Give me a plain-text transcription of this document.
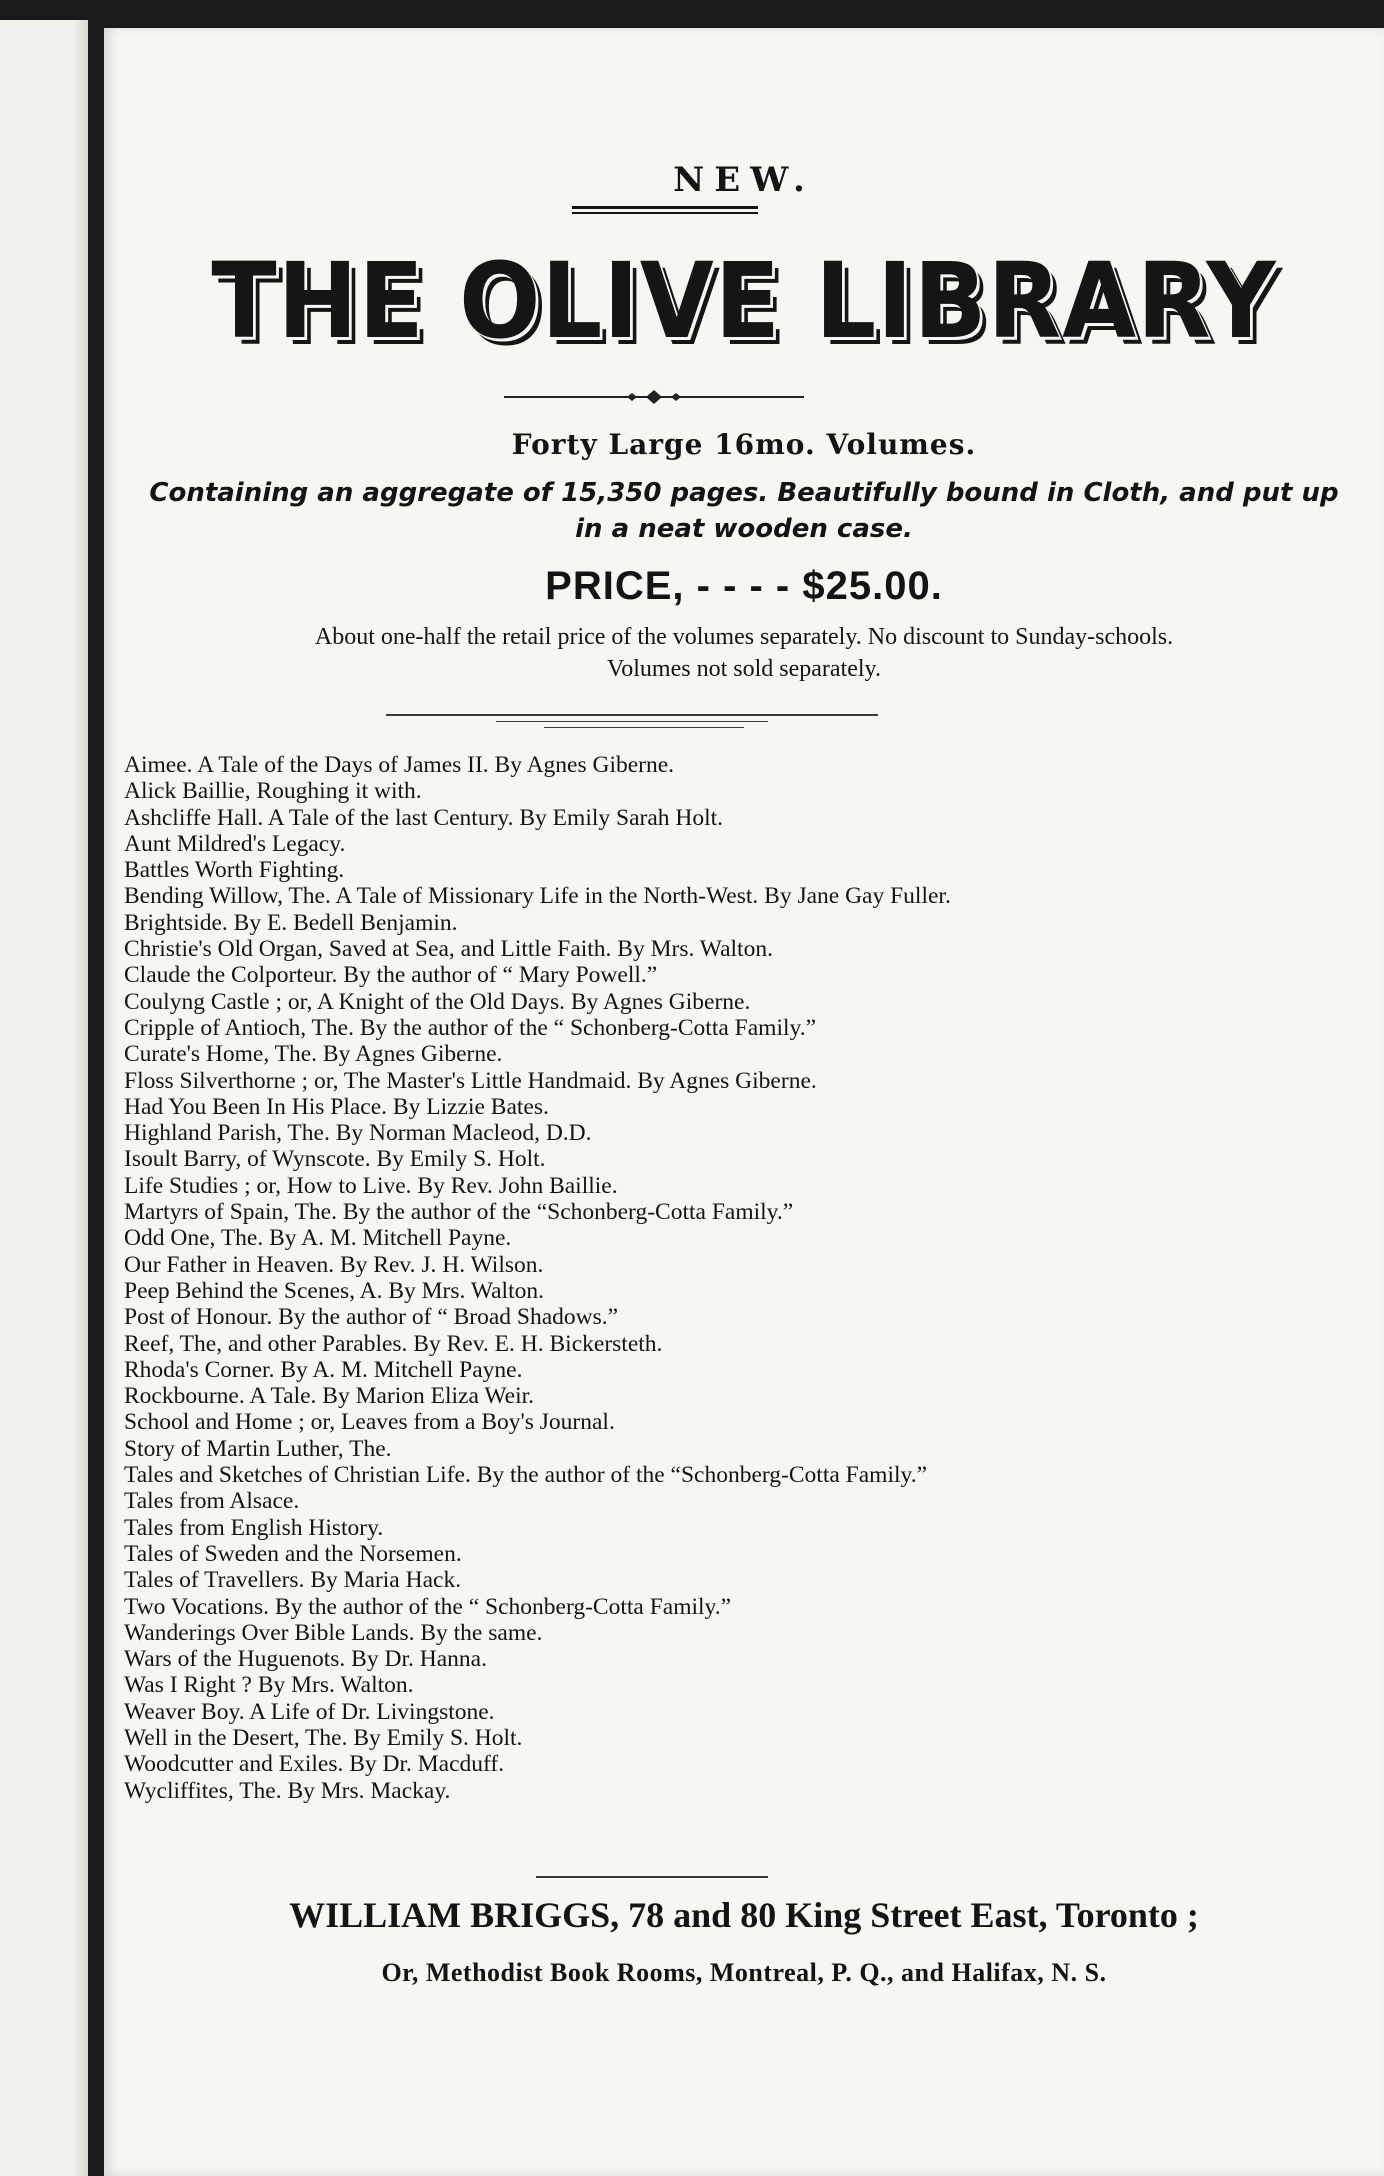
NEW.
THE OLIVE LIBRARY
Forty Large 16mo. Volumes.
Containing an aggregate of 15,350 pages. Beautifully bound in Cloth, and put up
in a neat wooden case.
PRICE, - - - - $25.00.
About one-half the retail price of the volumes separately. No discount to Sunday-schools.
Volumes not sold separately.
Aimee. A Tale of the Days of James II. By Agnes Giberne.
Alick Baillie, Roughing it with.
Ashcliffe Hall. A Tale of the last Century. By Emily Sarah Holt.
Aunt Mildred's Legacy.
Battles Worth Fighting.
Bending Willow, The. A Tale of Missionary Life in the North-West. By Jane Gay Fuller.
Brightside. By E. Bedell Benjamin.
Christie's Old Organ, Saved at Sea, and Little Faith. By Mrs. Walton.
Claude the Colporteur. By the author of “ Mary Powell.”
Coulyng Castle ; or, A Knight of the Old Days. By Agnes Giberne.
Cripple of Antioch, The. By the author of the “ Schonberg-Cotta Family.”
Curate's Home, The. By Agnes Giberne.
Floss Silverthorne ; or, The Master's Little Handmaid. By Agnes Giberne.
Had You Been In His Place. By Lizzie Bates.
Highland Parish, The. By Norman Macleod, D.D.
Isoult Barry, of Wynscote. By Emily S. Holt.
Life Studies ; or, How to Live. By Rev. John Baillie.
Martyrs of Spain, The. By the author of the “Schonberg-Cotta Family.”
Odd One, The. By A. M. Mitchell Payne.
Our Father in Heaven. By Rev. J. H. Wilson.
Peep Behind the Scenes, A. By Mrs. Walton.
Post of Honour. By the author of “ Broad Shadows.”
Reef, The, and other Parables. By Rev. E. H. Bickersteth.
Rhoda's Corner. By A. M. Mitchell Payne.
Rockbourne. A Tale. By Marion Eliza Weir.
School and Home ; or, Leaves from a Boy's Journal.
Story of Martin Luther, The.
Tales and Sketches of Christian Life. By the author of the “Schonberg-Cotta Family.”
Tales from Alsace.
Tales from English History.
Tales of Sweden and the Norsemen.
Tales of Travellers. By Maria Hack.
Two Vocations. By the author of the “ Schonberg-Cotta Family.”
Wanderings Over Bible Lands. By the same.
Wars of the Huguenots. By Dr. Hanna.
Was I Right ? By Mrs. Walton.
Weaver Boy. A Life of Dr. Livingstone.
Well in the Desert, The. By Emily S. Holt.
Woodcutter and Exiles. By Dr. Macduff.
Wycliffites, The. By Mrs. Mackay.
WILLIAM BRIGGS, 78 and 80 King Street East, Toronto ;
Or, Methodist Book Rooms, Montreal, P. Q., and Halifax, N. S.
